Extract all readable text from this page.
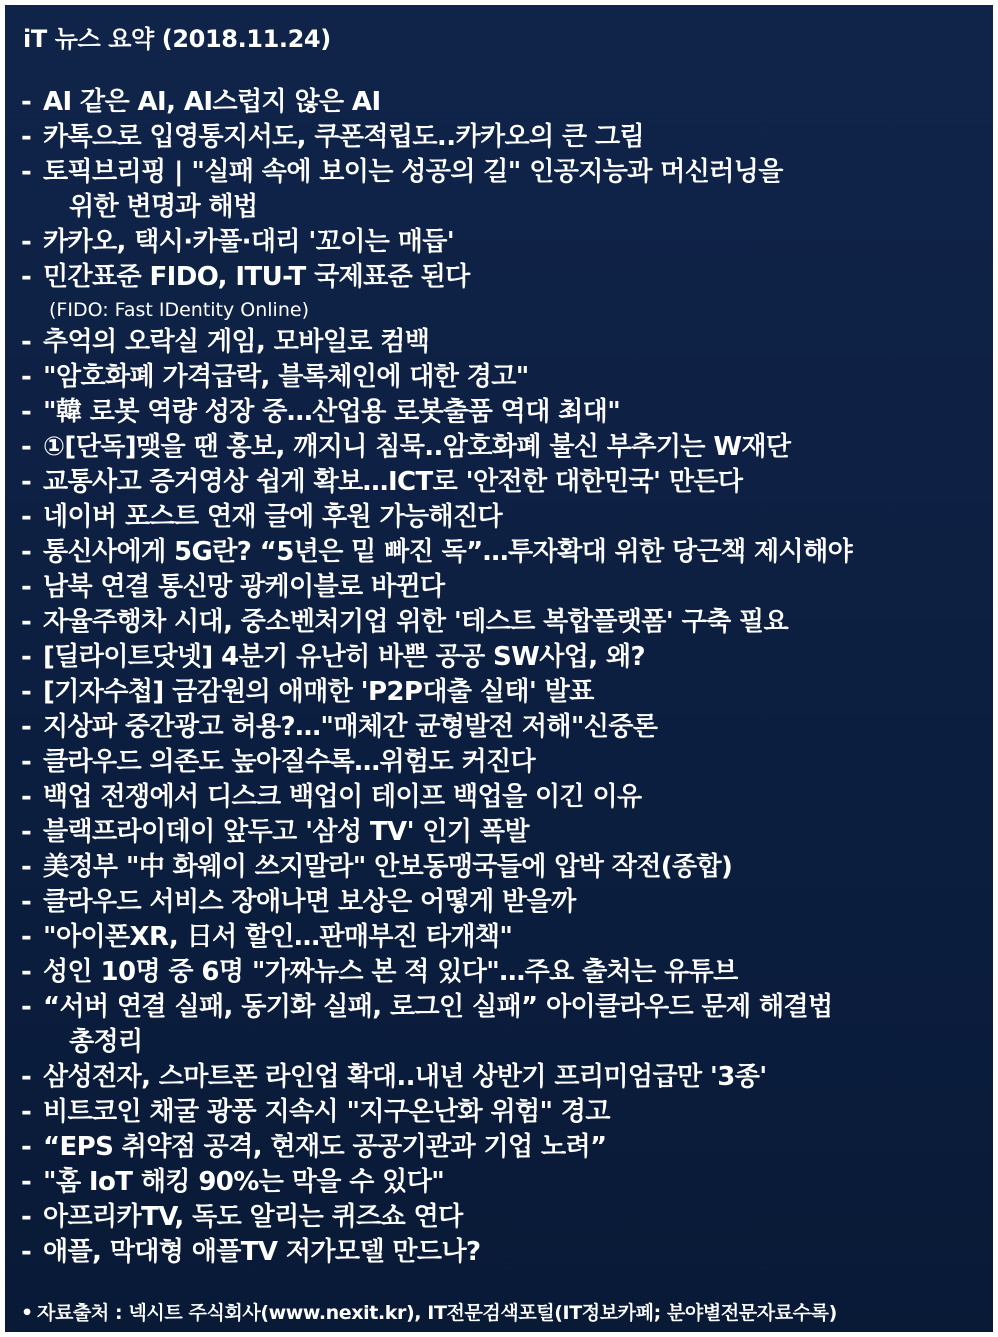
iT 뉴스 요약 (2018.11.24)
- AI 같은 AI, AI스럽지 않은 AI
- 카톡으로 입영통지서도, 쿠폰적립도..카카오의 큰 그림
- 토픽브리핑 | "실패 속에 보이는 성공의 길" 인공지능과 머신러닝을
위한 변명과 해법
- 카카오, 택시·카풀·대리 '꼬이는 매듭'
- 민간표준 FIDO, ITU-T 국제표준 된다
(FIDO: Fast IDentity Online)
- 추억의 오락실 게임, 모바일로 컴백
- "암호화폐 가격급락, 블록체인에 대한 경고"
- "韓 로봇 역량 성장 중…산업용 로봇출품 역대 최대"
- ①[단독]맺을 땐 홍보, 깨지니 침묵..암호화폐 불신 부추기는 W재단
- 교통사고 증거영상 쉽게 확보…ICT로 '안전한 대한민국' 만든다
- 네이버 포스트 연재 글에 후원 가능해진다
- 통신사에게 5G란? “5년은 밑 빠진 독”…투자확대 위한 당근책 제시해야
- 남북 연결 통신망 광케이블로 바뀐다
- 자율주행차 시대, 중소벤처기업 위한 '테스트 복합플랫폼' 구축 필요
- [딜라이트닷넷] 4분기 유난히 바쁜 공공 SW사업, 왜?
- [기자수첩] 금감원의 애매한 'P2P대출 실태' 발표
- 지상파 중간광고 허용?…"매체간 균형발전 저해"신중론
- 클라우드 의존도 높아질수록…위험도 커진다
- 백업 전쟁에서 디스크 백업이 테이프 백업을 이긴 이유
- 블랙프라이데이 앞두고 '삼성 TV' 인기 폭발
- 美정부 "中 화웨이 쓰지말라" 안보동맹국들에 압박 작전(종합)
- 클라우드 서비스 장애나면 보상은 어떻게 받을까
- "아이폰XR, 日서 할인…판매부진 타개책"
- 성인 10명 중 6명 "가짜뉴스 본 적 있다"…주요 출처는 유튜브
- “서버 연결 실패, 동기화 실패, 로그인 실패” 아이클라우드 문제 해결법
총정리
- 삼성전자, 스마트폰 라인업 확대..내년 상반기 프리미엄급만 '3종'
- 비트코인 채굴 광풍 지속시 "지구온난화 위험" 경고
- “EPS 취약점 공격, 현재도 공공기관과 기업 노려”
- "홈 IoT 해킹 90%는 막을 수 있다"
- 아프리카TV, 독도 알리는 퀴즈쇼 연다
- 애플, 막대형 애플TV 저가모델 만드나?
• 자료출처 : 넥시트 주식회사(www.nexit.kr), IT전문검색포털(IT정보카페; 분야별전문자료수록)
